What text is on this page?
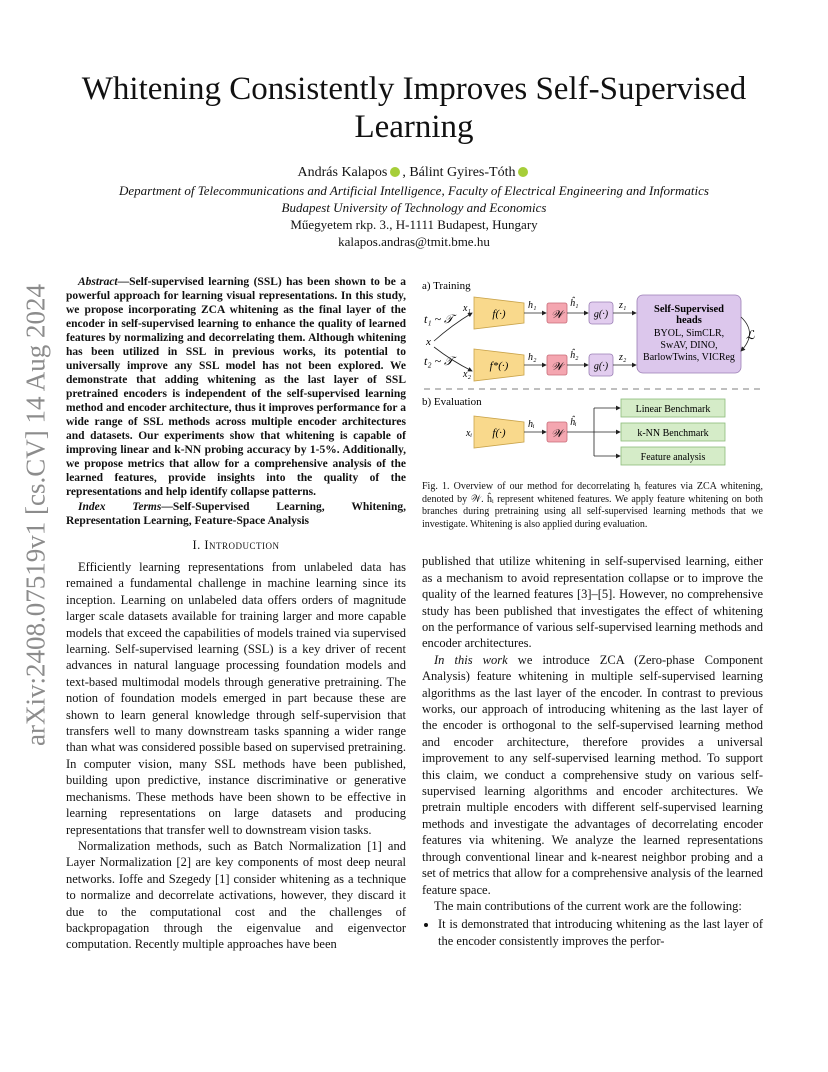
Whitening Consistently Improves Self-Supervised Learning
András Kalapos , Bálint Gyires-Tóth
Department of Telecommunications and Artificial Intelligence, Faculty of Electrical Engineering and Informatics
Budapest University of Technology and Economics
Műegyetem rkp. 3., H-1111 Budapest, Hungary
kalapos.andras@tmit.bme.hu
arXiv:2408.07519v1 [cs.CV] 14 Aug 2024

Abstract—Self-supervised learning (SSL) has been shown to be a powerful approach for learning visual representations. In this study, we propose incorporating ZCA whitening as the final layer of the encoder in self-supervised learning to enhance the quality of learned features by normalizing and decorrelating them. Although whitening has been utilized in SSL in previous works, its potential to universally improve any SSL model has not been explored. We demonstrate that adding whitening as the last layer of SSL pretrained encoders is independent of the self-supervised learning method and encoder architecture, thus it improves performance for a wide range of SSL methods across multiple encoder architectures and datasets. Our experiments show that whitening is capable of improving linear and k-NN probing accuracy by 1-5%. Additionally, we propose metrics that allow for a comprehensive analysis of the learned features, provide insights into the quality of the representations and help identify collapse patterns.

Index Terms—Self-Supervised Learning, Whitening, Representation Learning, Feature-Space Analysis

I. Introduction

Efficiently learning representations from unlabeled data has remained a fundamental challenge in machine learning since its inception. Learning on unlabeled data offers orders of magnitude larger scale datasets available for training larger and more capable models that exceed the capabilities of models trained via supervised learning. Self-supervised learning (SSL) is a key driver of recent advances in natural language processing foundation models and text-based multimodal models through generative pretraining. The notion of foundation models emerged in part because these are shown to learn general knowledge through self-supervision that transfers well to many downstream tasks spanning a wider range than what was considered possible based on supervised pretraining. In computer vision, many SSL methods have been published, building upon predictive, instance discriminative or generative mechanisms. These methods have been shown to be effective in learning representations on large datasets and producing representations that transfer well to downstream vision tasks.

Normalization methods, such as Batch Normalization [1] and Layer Normalization [2] are key components of most deep neural networks. Ioffe and Szegedy [1] consider whitening as a technique to normalize and decorrelate activations, however, they discard it due to the computational cost and the challenges of backpropagation through the eigenvalue and eigenvector computation. Recently multiple approaches have been

a) Training
t₁ ~ 𝒯
t₂ ~ 𝒯
x
x₁
x₂
f(·)
f*(·)
h₁
h₂
𝒲
𝒲
ĥ₁
ĥ₂
g(·)
g(·)
z₁
z₂
Self-Supervised
heads
BYOL, SimCLR,
SwAV, DINO,
BarlowTwins, VICReg
ℒ
b) Evaluation
xᵢ f(·)
hᵢ
𝒲
ĥᵢ
Linear Benchmark
k-NN Benchmark
Feature analysis
Fig. 1. Overview of our method for decorrelating hᵢ features via ZCA whitening, denoted by 𝒲. ĥᵢ represent whitened features. We apply feature whitening on both branches during pretraining using all self-supervised learning methods that we investigate. Whitening is also applied during evaluation.

published that utilize whitening in self-supervised learning, either as a mechanism to avoid representation collapse or to improve the quality of the learned features [3]–[5]. However, no comprehensive study has been published that investigates the effect of whitening on the performance of various self-supervised learning methods and encoder architectures.

In this work we introduce ZCA (Zero-phase Component Analysis) feature whitening in multiple self-supervised learning algorithms as the last layer of the encoder. In contrast to previous works, our approach of introducing whitening as the last layer of the encoder is orthogonal to the self-supervised learning method and encoder architecture, therefore provides a universal improvement to any self-supervised learning method. To support this claim, we conduct a comprehensive study on various self-supervised learning algorithms and encoder architectures. We pretrain multiple encoders with different self-supervised learning methods and investigate the advantages of decorrelating encoder features via whitening. We analyze the learned representations through conventional linear and k-nearest neighbor probing and a set of metrics that allow for a comprehensive analysis of the learned feature space.

The main contributions of the current work are the following:

• It is demonstrated that introducing whitening as the last layer of the encoder consistently improves the perfor-
